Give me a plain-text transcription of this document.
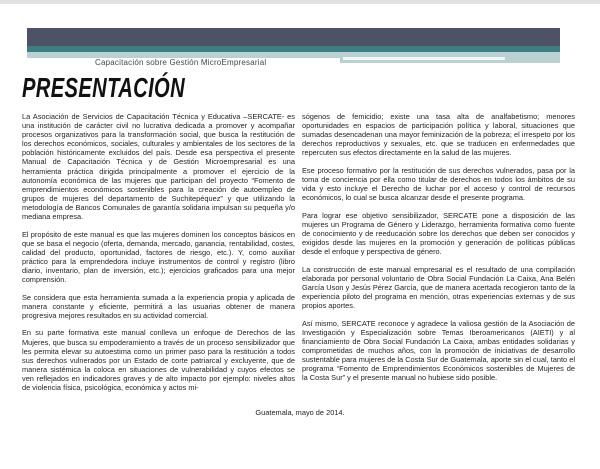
Capacitación sobre Gestión MicroEmpresarial
PRESENTACIÓN

La Asociación de Servicios de Capacitación Técnica y Educativa –SERCATE- es una institución de carácter civil no lucrativa dedicada a promover y acompañar procesos organizativos para la transformación social, que busca la restitución de los derechos económicos, sociales, culturales y ambientales de los sectores de la población históricamente excluidos del país. Desde esa perspectiva el presente Manual de Capacitación Técnica y de Gestión Microempresarial es una herramienta práctica dirigida principalmente a promover el ejercicio de la autonomía económica de las mujeres que participan del proyecto “Fomento de emprendimientos económicos sostenibles para la creación de autoempleo de grupos de mujeres del departamento de Suchitepéquez” y que utilizando la metodología de Bancos Comunales de garantía solidaria impulsan su pequeña y/o mediana empresa.

El propósito de este manual es que las mujeres dominen los conceptos básicos en que se basa el negocio (oferta, demanda, mercado, ganancia, rentabilidad, costes, calidad del producto, oportunidad, factores de riesgo, etc.). Y, como auxiliar práctico para la emprendedora incluye instrumentos de control y registro (libro diario, inventario, plan de inversión, etc.); ejercicios graficados para una mejor comprensión.

Se considera que esta herramienta sumada a la experiencia propia y aplicada de manera constante y eficiente, permitirá a las usuarias obtener de manera progresiva mejores resultados en su actividad comercial.

En su parte formativa este manual conlleva un enfoque de Derechos de las Mujeres, que busca su empoderamiento a través de un proceso sensibilizador que les permita elevar su autoestima como un primer paso para la restitución a todos sus derechos vulnerados por un Estado de corte patriarcal y excluyente, que de manera sistémica la coloca en situaciones de vulnerabilidad y cuyos efectos se ven reflejados en indicadores graves y de alto impacto por ejemplo: niveles altos de violencia física, psicológica, económica y actos mi-

sógenos de femicidio; existe una tasa alta de analfabetismo; menores oportunidades en espacios de participación política y laboral, situaciones que sumadas desencadenan una mayor feminización de la pobreza; el irrespeto por los derechos reproductivos y sexuales, etc. que se traducen en enfermedades que repercuten sus efectos directamente en la salud de las mujeres.

Ese proceso formativo por la restitución de sus derechos vulnerados, pasa por la toma de conciencia por ella como titular de derechos en todos los ámbitos de su vida y esto incluye el Derecho de luchar por el acceso y control de recursos económicos, lo cual se busca alcanzar desde el presente programa.

Para lograr ese objetivo sensibilizador, SERCATE pone a disposición de las mujeres un Programa de Género y Liderazgo, herramienta formativa como fuente de conocimiento y de reeducación sobre los derechos que deben ser conocidos y exigidos desde las mujeres en la promoción y generación de políticas públicas desde el enfoque y perspectiva de género.

La construcción de este manual empresarial es el resultado de una compilación elaborada por personal voluntario de Obra Social Fundación La Caixa, Ana Belén García Uson y Jesús Pérez García, que de manera acertada recogieron tanto de la experiencia piloto del programa en mención, otras experiencias externas y de sus propios aportes.

Así mismo, SERCATE reconoce y agradece la valiosa gestión de la Asociación de Investigación y Especialización sobre Temas Iberoamericanos (AIETI) y al financiamiento de Obra Social Fundación La Caixa, ambas entidades solidarias y comprometidas de muchos años, con la promoción de iniciativas de desarrollo sustentable para mujeres de la Costa Sur de Guatemala, aporte sin el cual, tanto el programa “Fomento de Emprendimientos Económicos sostenibles de Mujeres de la Costa Sur” y el presente manual no hubiese sido posible.

Guatemala, mayo de 2014.
